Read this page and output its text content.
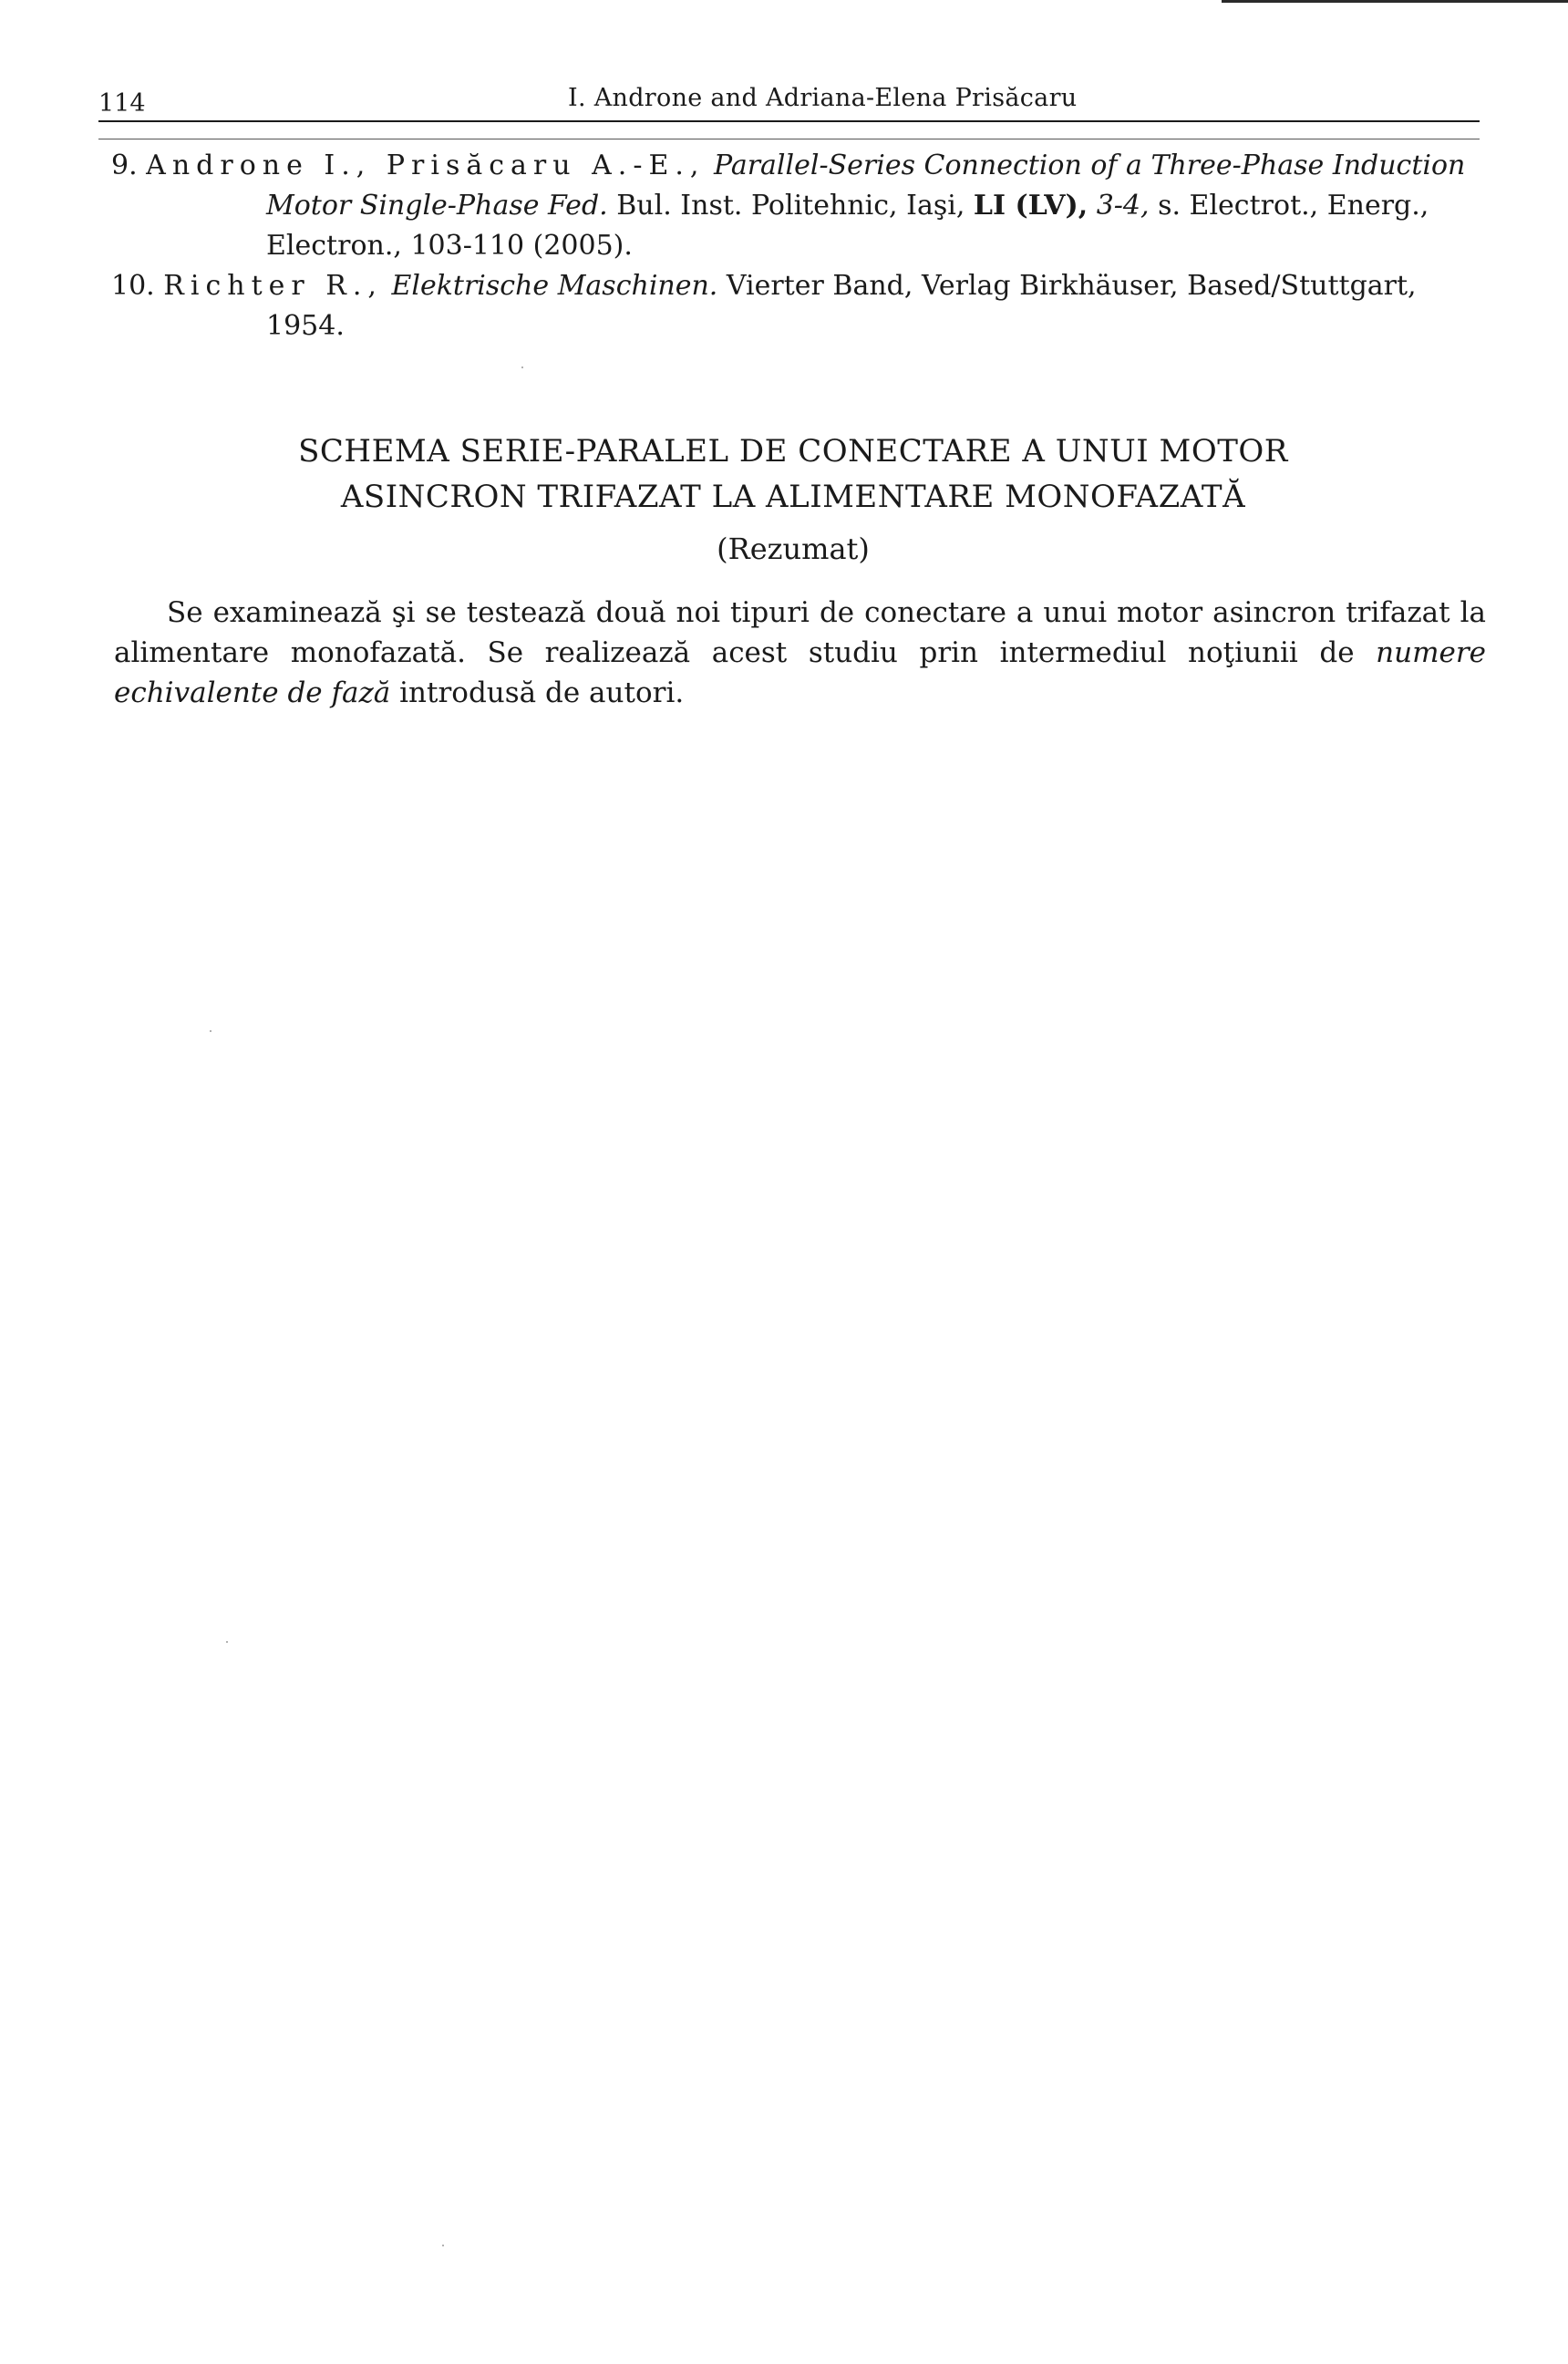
114	I. Androne and Adriana-Elena Prisăcaru
9. Androne I., Prisăcaru A.-E., Parallel-Series Connection of a Three-Phase Induction Motor Single-Phase Fed. Bul. Inst. Politehnic, Iaşi, LI (LV), 3-4, s. Electrot., Energ., Electron., 103-110 (2005).
10. Richter R., Elektrische Maschinen. Vierter Band, Verlag Birkhäuser, Based/Stuttgart, 1954.
SCHEMA SERIE-PARALEL DE CONECTARE A UNUI MOTOR
ASINCRON TRIFAZAT LA ALIMENTARE MONOFAZATĂ
(Rezumat)
Se examinează şi se testează două noi tipuri de conectare a unui motor asincron trifazat la alimentare monofazată. Se realizează acest studiu prin intermediul noţiunii de numere echivalente de fază introdusă de autori.
